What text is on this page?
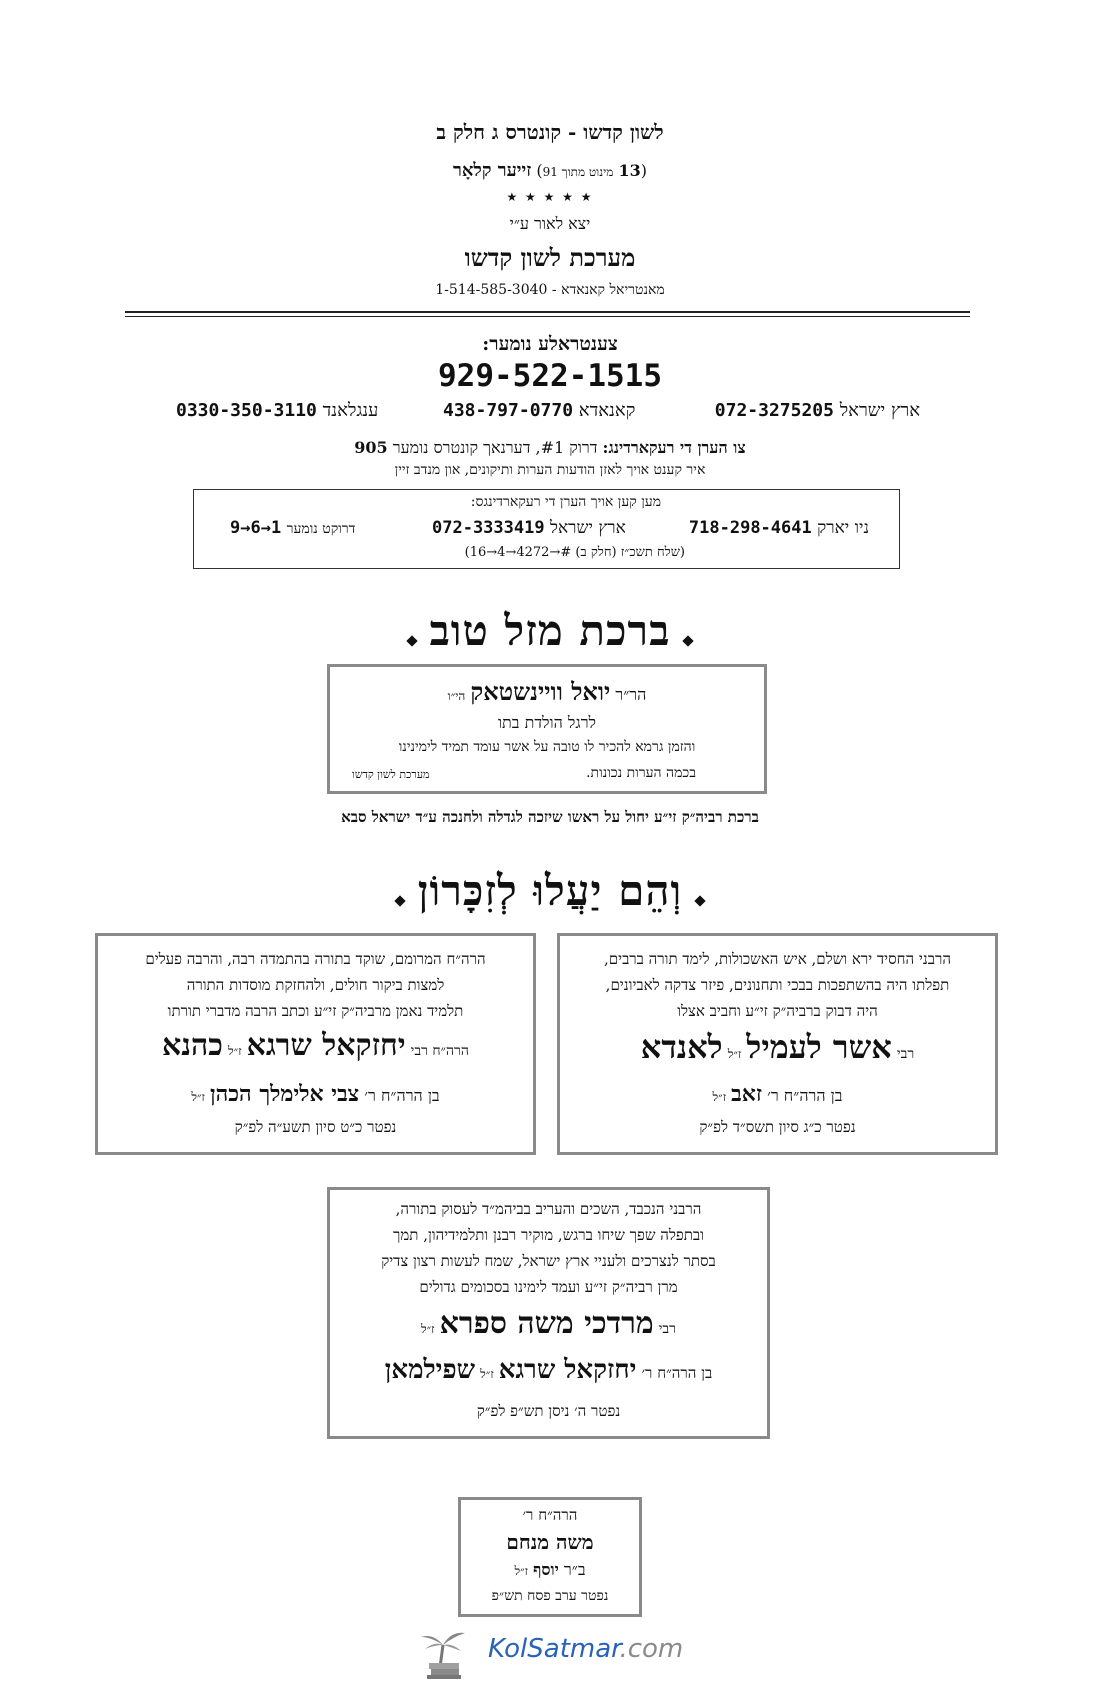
לשון קדשו - קונטרס ג חלק ב
(13 מינוט מתוך 91) זייער קלאָר
★ ★ ★ ★ ★
יצא לאור ע״י
מערכת לשון קדשו
מאנטריאל קאנאדא - 1-514-585-3040
צענטראלע נומער:
929-522-1515
ארץ ישראל 072-3275205
קאנאדא 438-797-0770
ענגלאנד 0330-350-3110
צו הערן די רעקארדינג: דרוק #1, דערנאך קונטרס נומער 905
איר קענט אויך לאזן הודעות הערות ותיקונים, און מנדב זיין
מען קען אויך הערן די רעקארדינגס:
ניו יארק 718-298-4641
ארץ ישראל 072-3333419
דרוקט נומער 9→6→1
(שלח תשכ״ז (חלק ב) #→4272→4→16)
ברכת מזל טוב
הר״ר יואל וויינשטאק הי״ו
לרגל הולדת בתו
והזמן גרמא להכיר לו טובה על אשר עומד תמיד לימינינו
בכמה הערות נכונות.
מערכת לשון קדשו
ברכת רביה״ק זי״ע יחול על ראשו שיזכה לגדלה ולחנכה ע״ד ישראל סבא
וְהֵם יַעֲלוּ לְזִכָּרוֹן
הרבני החסיד ירא ושלם, איש האשכולות, לימד תורה ברבים,
תפלתו היה בהשתפכות בבכי ותחנונים, פיזר צדקה לאביונים,
היה דבוק ברביה״ק זי״ע וחביב אצלו
רבי אשר לעמיל ז״ל לאנדא
בן הרה״ח ר׳ זאב ז״ל
נפטר כ״ג סיון תשס״ד לפ״ק
הרה״ח המרומם, שוקד בתורה בהתמדה רבה, והרבה פעלים
למצות ביקור חולים, ולהחזקת מוסדות התורה
תלמיד נאמן מרביה״ק זי״ע וכתב הרבה מדברי תורתו
הרה״ח רבי יחזקאל שרגא ז״ל כהנא
בן הרה״ח ר׳ צבי אלימלך הכהן ז״ל
נפטר כ״ט סיון תשע״ה לפ״ק
הרבני הנכבד, השכים והעריב בביהמ״ד לעסוק בתורה,
ובתפלה שפך שיחו ברגש, מוקיר רבנן ותלמידיהון, תמך
בסתר לנצרכים ולעניי ארץ ישראל, שמח לעשות רצון צדיק
מרן רביה״ק זי״ע ועמד לימינו בסכומים גדולים
רבי מרדכי משה ספרא ז״ל
בן הרה״ח ר׳ יחזקאל שרגא ז״ל שפילמאן
נפטר ה׳ ניסן תש״פ לפ״ק
הרה״ח ר׳
משה מנחם
ב״ר יוסף ז״ל
נפטר ערב פסח תש״פ
KolSatmar.com
